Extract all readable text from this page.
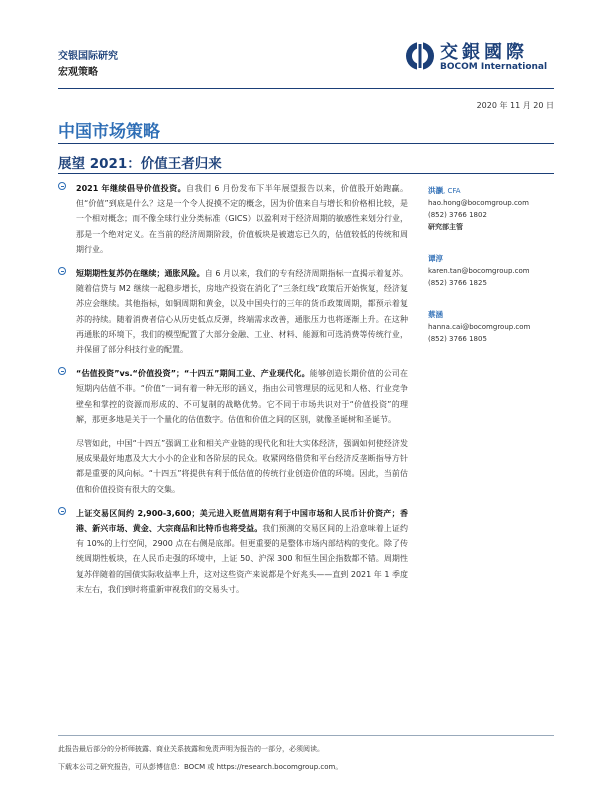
交银国际研究
宏观策略
交銀國際
BOCOM International
2020 年 11 月 20 日
中国市场策略
展望 2021：价值王者归来
2021 年继续倡导价值投资。自我们 6 月份发布下半年展望报告以来，价值股开始跑赢。但“价值”到底是什么？这是一个令人捉摸不定的概念，因为价值来自与增长和价格相比较，是一个相对概念；而不像全球行业分类标准（GICS）以盈利对于经济周期的敏感性来划分行业，那是一个绝对定义。在当前的经济周期阶段，价值板块是被遗忘已久的，估值较低的传统和周期行业。
短期期性复苏仍在继续；通胀风险。自 6 月以来，我们的专有经济周期指标一直揭示着复苏。随着信贷与 M2 继续一起稳步增长，房地产投资在消化了“三条红线”政策后开始恢复，经济复苏应会继续。其他指标，如铜周期和黄金，以及中国央行的三年的货币政策周期，都预示着复苏的持续。随着消费者信心从历史低点反弹，终端需求改善，通胀压力也将逐渐上升。在这种再通胀的环境下，我们的模型配置了大部分金融、工业、材料、能源和可选消费等传统行业，并保留了部分科技行业的配置。
“估值投资”vs.“价值投资”；“十四五”期间工业、产业现代化。能够创造长期价值的公司在短期内估值不菲。“价值”一词有着一种无形的涵义，指由公司管理层的远见和人格、行业竞争壁垒和掌控的资源而形成的、不可复制的战略优势。它不同于市场共识对于“价值投资”的理解，那更多地是关于一个量化的估值数字。估值和价值之间的区别，就像圣诞树和圣诞节。
尽管如此，中国“十四五”强调工业和相关产业链的现代化和壮大实体经济，强调如何使经济发展成果最好地惠及大大小小的企业和各阶层的民众。收紧网络借贷和平台经济反垄断指导方针都是重要的风向标。“十四五”将提供有利于低估值的传统行业创造价值的环境。因此，当前估值和价值投资有很大的交集。
上证交易区间约 2,900-3,600；美元进入贬值周期有利于中国市场和人民币计价资产；香港、新兴市场、黄金、大宗商品和比特币也将受益。我们预测的交易区间的上沿意味着上证约有 10%的上行空间，2900 点在右侧是底部。但更重要的是整体市场内部结构的变化。除了传统周期性板块，在人民币走强的环境中，上证 50、沪深 300 和恒生国企指数都不错。周期性复苏伴随着的国债实际收益率上升，这对这些资产来说都是个好兆头——直到 2021 年 1 季度末左右，我们到时将重新审视我们的交易头寸。
洪灏, CFA
hao.hong@bocomgroup.com
(852) 3766 1802
研究部主管
谭淳
karen.tan@bocomgroup.com
(852) 3766 1825
蔡涵
hanna.cai@bocomgroup.com
(852) 3766 1805
此报告最后部分的分析师披露、商业关系披露和免责声明为报告的一部分，必须阅读。
下载本公司之研究报告，可从彭博信息：BOCM 或 https://research.bocomgroup.com。
